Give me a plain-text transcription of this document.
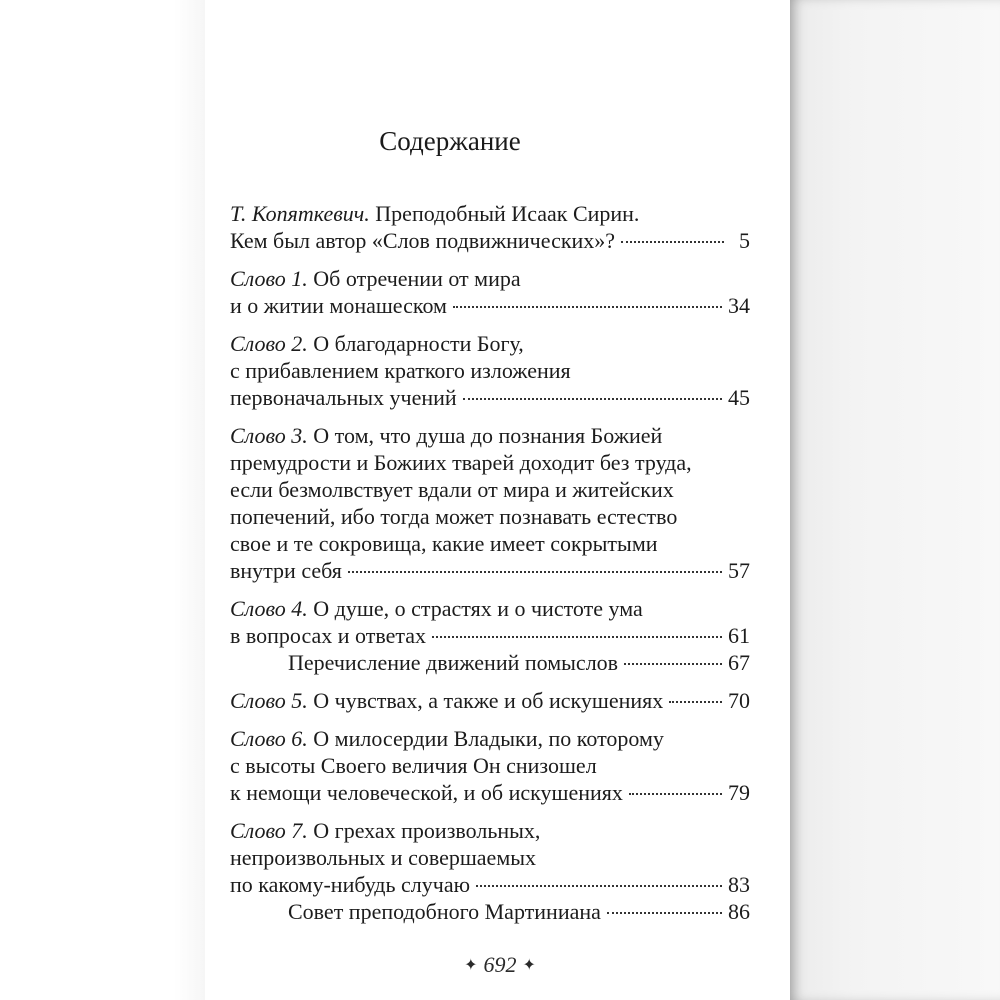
Содержание
Т. Копяткевич. Преподобный Исаак Сирин.
Кем был автор «Слов подвижнических»?	5
Слово 1. Об отречении от мира
и о житии монашеском	34
Слово 2. О благодарности Богу,
с прибавлением краткого изложения
первоначальных учений	45
Слово 3. О том, что душа до познания Божией
премудрости и Божиих тварей доходит без труда,
если безмолвствует вдали от мира и житейских
попечений, ибо тогда может познавать естество
свое и те сокровища, какие имеет сокрытыми
внутри себя	57
Слово 4. О душе, о страстях и о чистоте ума
в вопросах и ответах	61
Перечисление движений помыслов	67
Слово 5. О чувствах, а также и об искушениях	70
Слово 6. О милосердии Владыки, по которому
с высоты Своего величия Он снизошел
к немощи человеческой, и об искушениях	79
Слово 7. О грехах произвольных,
непроизвольных и совершаемых
по какому-нибудь случаю	83
Совет преподобного Мартиниана	86
✦ 692 ✦
